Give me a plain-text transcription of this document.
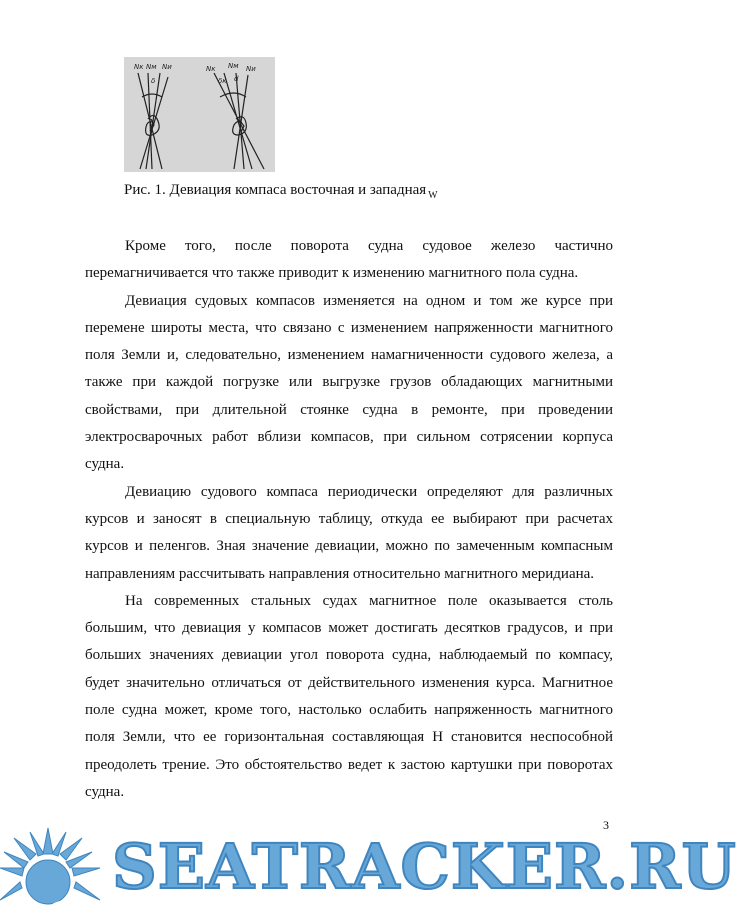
Nк Nм Nи
δ
Nк Nм Nи
δк d
Рис. 1. Девиация компаса восточная и западная $_W$

Кроме того, после поворота судна судовое железо частично перемагничивается что также приводит к изменению магнитного пола судна.

Девиация судовых компасов изменяется на одном и том же курсе при перемене широты места, что связано с изменением напряженности магнитного поля Земли и, следовательно, изменением намагниченности судового железа, а также при каждой погрузке или выгрузке грузов обладающих магнитными свойствами, при длительной стоянке судна в ремонте, при проведении электросварочных работ вблизи компасов, при сильном сотрясении корпуса судна.

Девиацию судового компаса периодически определяют для различных курсов и заносят в специальную таблицу, откуда ее выбирают при расчетах курсов и пеленгов. Зная значение девиации, можно по замеченным компасным направлениям рассчитывать направления относительно магнитного меридиана.

На современных стальных судах магнитное поле оказывается столь большим, что девиация у компасов может достигать десятков градусов, и при больших значениях девиации угол поворота судна, наблюдаемый по компасу, будет значительно отличаться от действительного изменения курса. Магнитное поле судна может, кроме того, настолько ослабить напряженность магнитного поля Земли, что ее горизонтальная составляющая Н становится неспособной преодолеть трение. Это обстоятельство ведет к застою картушки при поворотах судна.

SEATRACKER.RU
3
